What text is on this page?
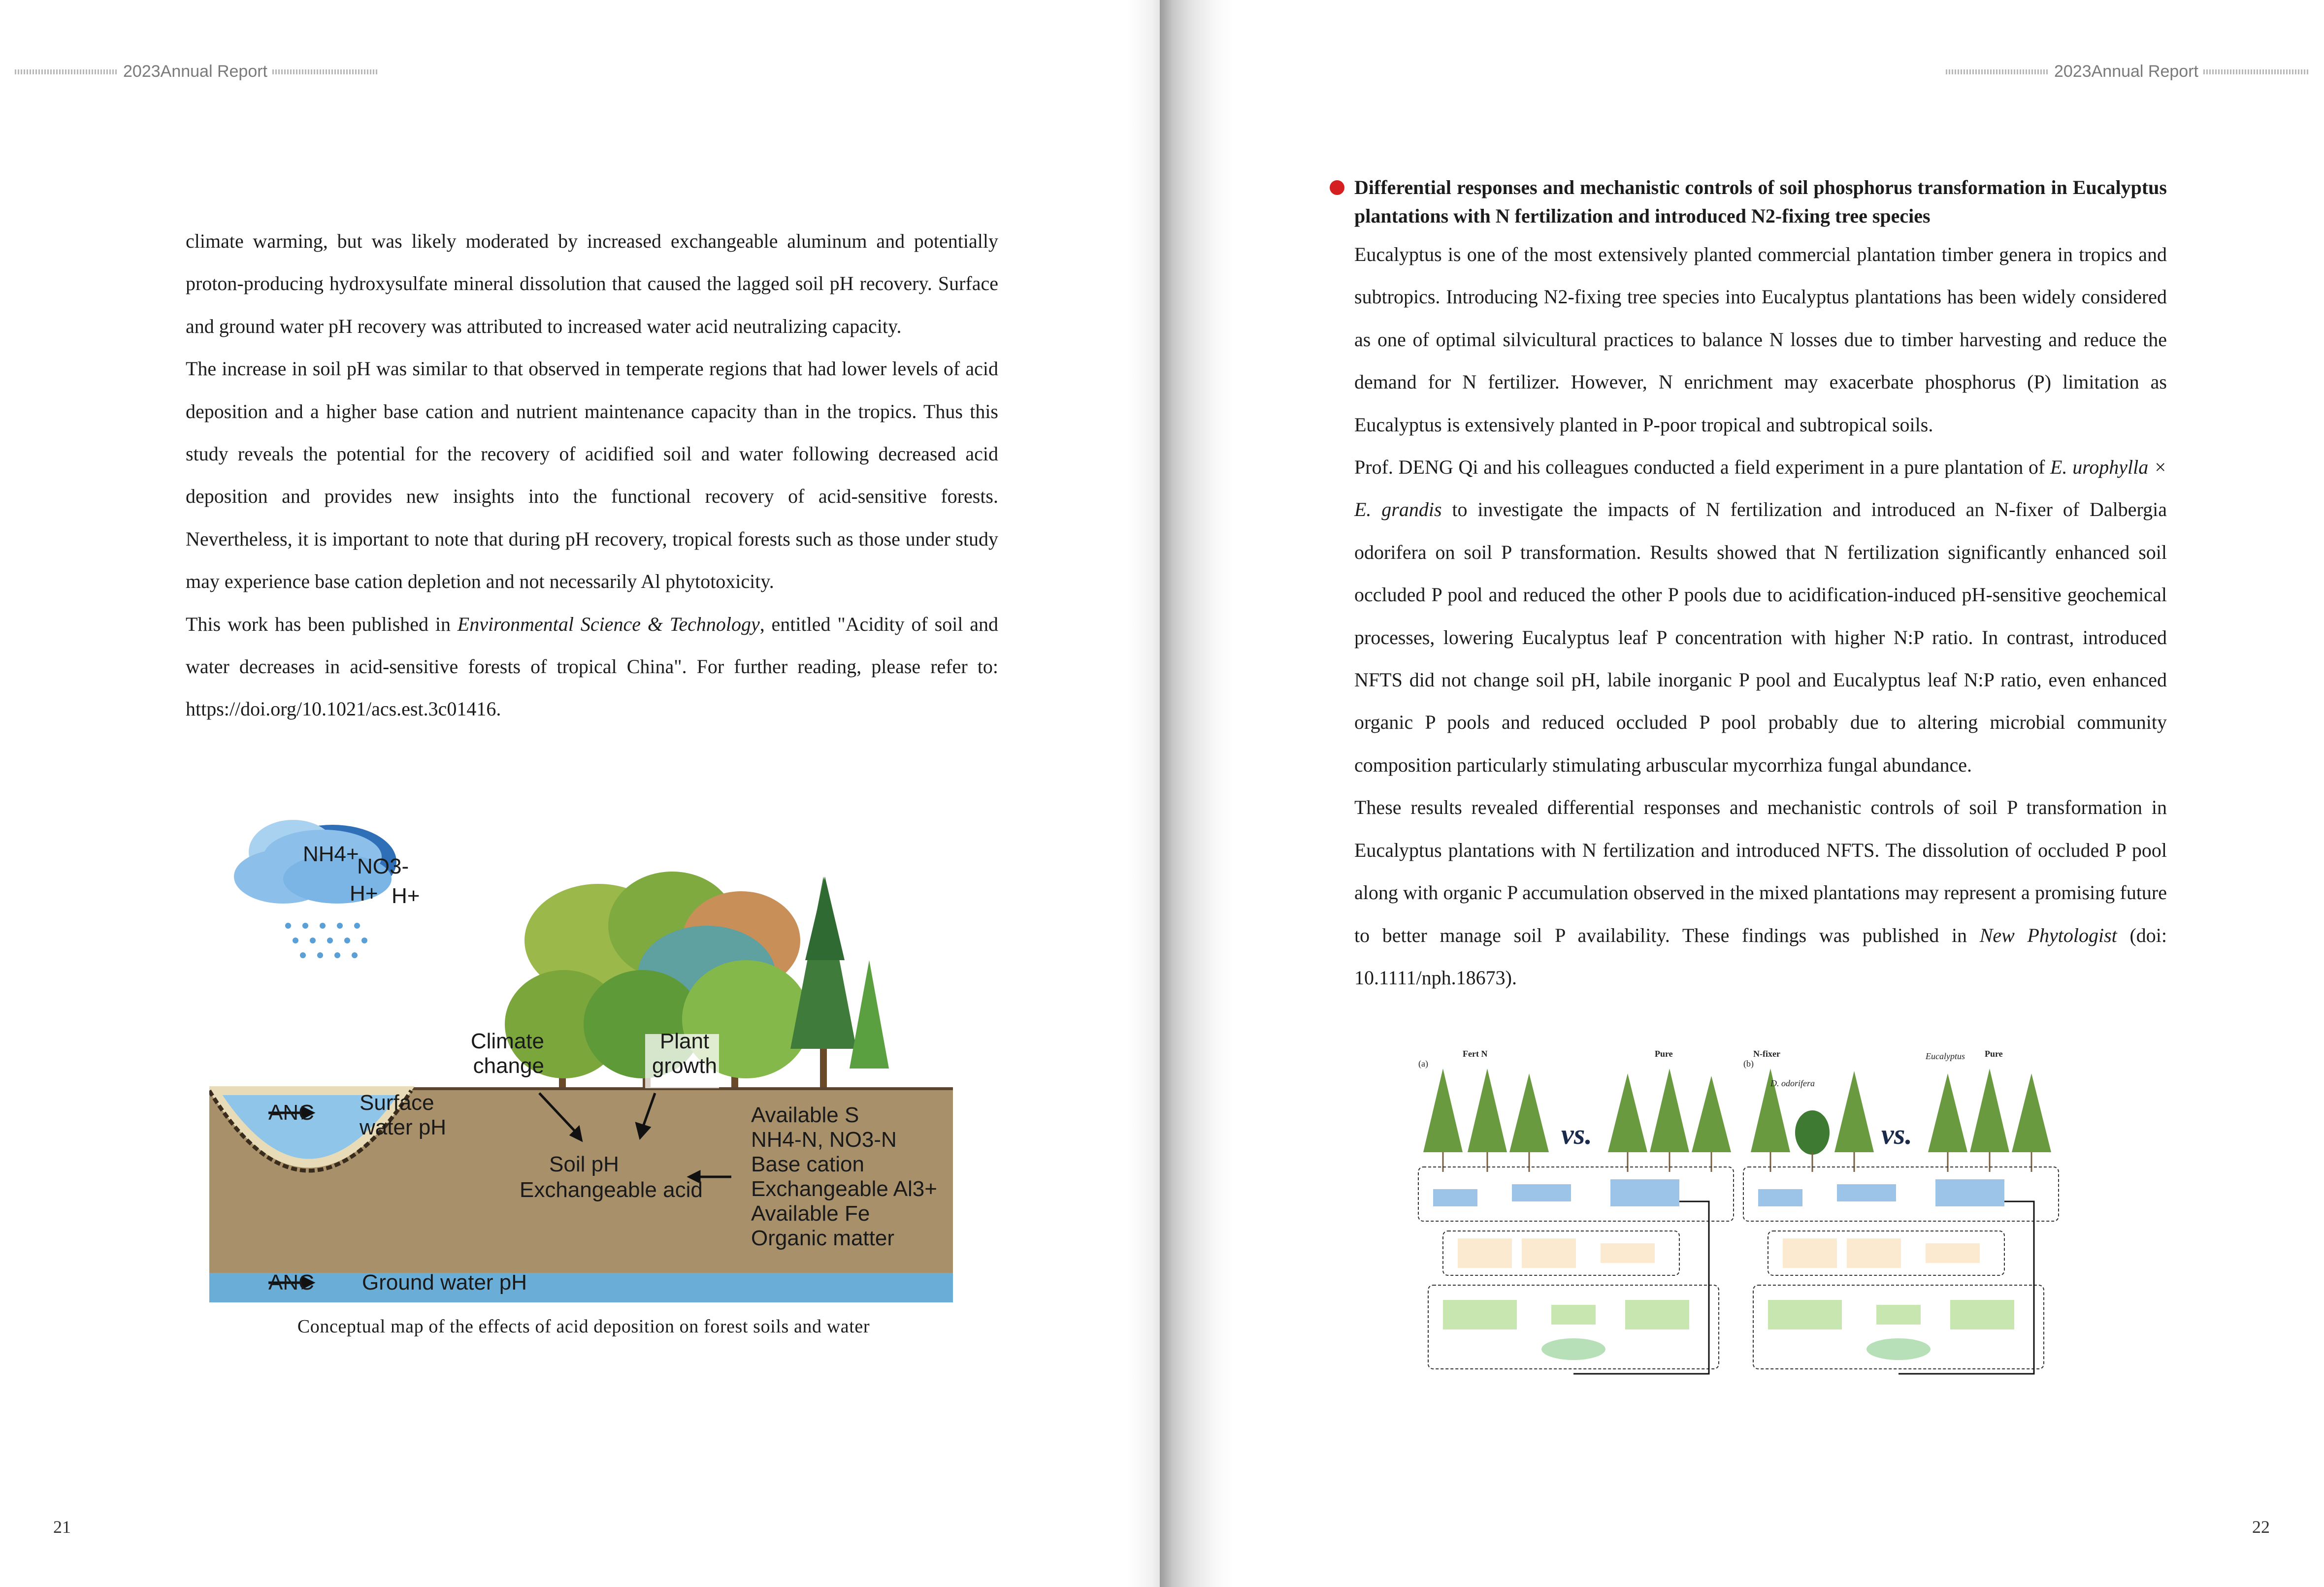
2023Annual Report

climate warming, but was likely moderated by increased exchangeable aluminum and potentially proton-producing hydroxysulfate mineral dissolution that caused the lagged soil pH recovery. Surface and ground water pH recovery was attributed to increased water acid neutralizing capacity.

The increase in soil pH was similar to that observed in temperate regions that had lower levels of acid deposition and a higher base cation and nutrient maintenance capacity than in the tropics. Thus this study reveals the potential for the recovery of acidified soil and water following decreased acid deposition and provides new insights into the functional recovery of acid-sensitive forests. Nevertheless, it is important to note that during pH recovery, tropical forests such as those under study may experience base cation depletion and not necessarily Al phytotoxicity.

This work has been published in Environmental Science & Technology, entitled "Acidity of soil and water decreases in acid-sensitive forests of tropical China". For further reading, please refer to: https://doi.org/10.1021/acs.est.3c01416.

NH4+
NO3- SO42-
H+ H+
Climate change
Plant growth
ANC Surface water pH
Soil pH
Exchangeable acid
ANC Ground water pH
Available S
NH4-N, NO3-N
Base cation
Exchangeable Al3+
Available Fe
Organic matter
Conceptual map of the effects of acid deposition on forest soils and water
21
2023Annual Report
Differential responses and mechanistic controls of soil phosphorus transformation in Eucalyptus plantations with N fertilization and introduced N2-fixing tree species

Eucalyptus is one of the most extensively planted commercial plantation timber genera in tropics and subtropics. Introducing N2-fixing tree species into Eucalyptus plantations has been widely considered as one of optimal silvicultural practices to balance N losses due to timber harvesting and reduce the demand for N fertilizer. However, N enrichment may exacerbate phosphorus (P) limitation as Eucalyptus is extensively planted in P-poor tropical and subtropical soils.

Prof. DENG Qi and his colleagues conducted a field experiment in a pure plantation of E. urophylla × E. grandis to investigate the impacts of N fertilization and introduced an N-fixer of Dalbergia odorifera on soil P transformation. Results showed that N fertilization significantly enhanced soil occluded P pool and reduced the other P pools due to acidification-induced pH-sensitive geochemical processes, lowering Eucalyptus leaf P concentration with higher N:P ratio. In contrast, introduced NFTS did not change soil pH, labile inorganic P pool and Eucalyptus leaf N:P ratio, even enhanced organic P pools and reduced occluded P pool probably due to altering microbial community composition particularly stimulating arbuscular mycorrhiza fungal abundance.

These results revealed differential responses and mechanistic controls of soil P transformation in Eucalyptus plantations with N fertilization and introduced NFTS. The dissolution of occluded P pool along with organic P accumulation observed in the mixed plantations may represent a promising future to better manage soil P availability. These findings was published in New Phytologist (doi: 10.1111/nph.18673).

(a)
Fert N	Pure
vs.
(b)
N-fixer
D. odorifera
vs.
Eucalyptus Pure
22
